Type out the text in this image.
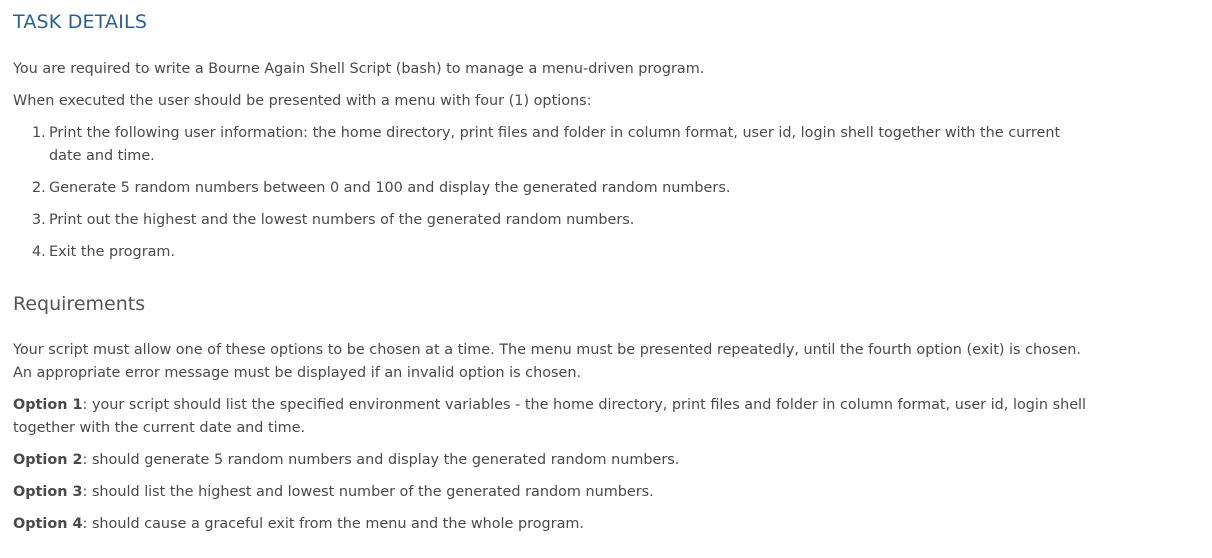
TASK DETAILS

You are required to write a Bourne Again Shell Script (bash) to manage a menu-driven program.

When executed the user should be presented with a menu with four (1) options:

1. Print the following user information: the home directory, print files and folder in column format, user id, login shell together with the current
date and time.
2. Generate 5 random numbers between 0 and 100 and display the generated random numbers.
3. Print out the highest and the lowest numbers of the generated random numbers.
4. Exit the program.
Requirements

Your script must allow one of these options to be chosen at a time. The menu must be presented repeatedly, until the fourth option (exit) is chosen.

An appropriate error message must be displayed if an invalid option is chosen.

Option 1: your script should list the specified environment variables - the home directory, print files and folder in column format, user id, login shell

together with the current date and time.

Option 2: should generate 5 random numbers and display the generated random numbers.

Option 3: should list the highest and lowest number of the generated random numbers.

Option 4: should cause a graceful exit from the menu and the whole program.
